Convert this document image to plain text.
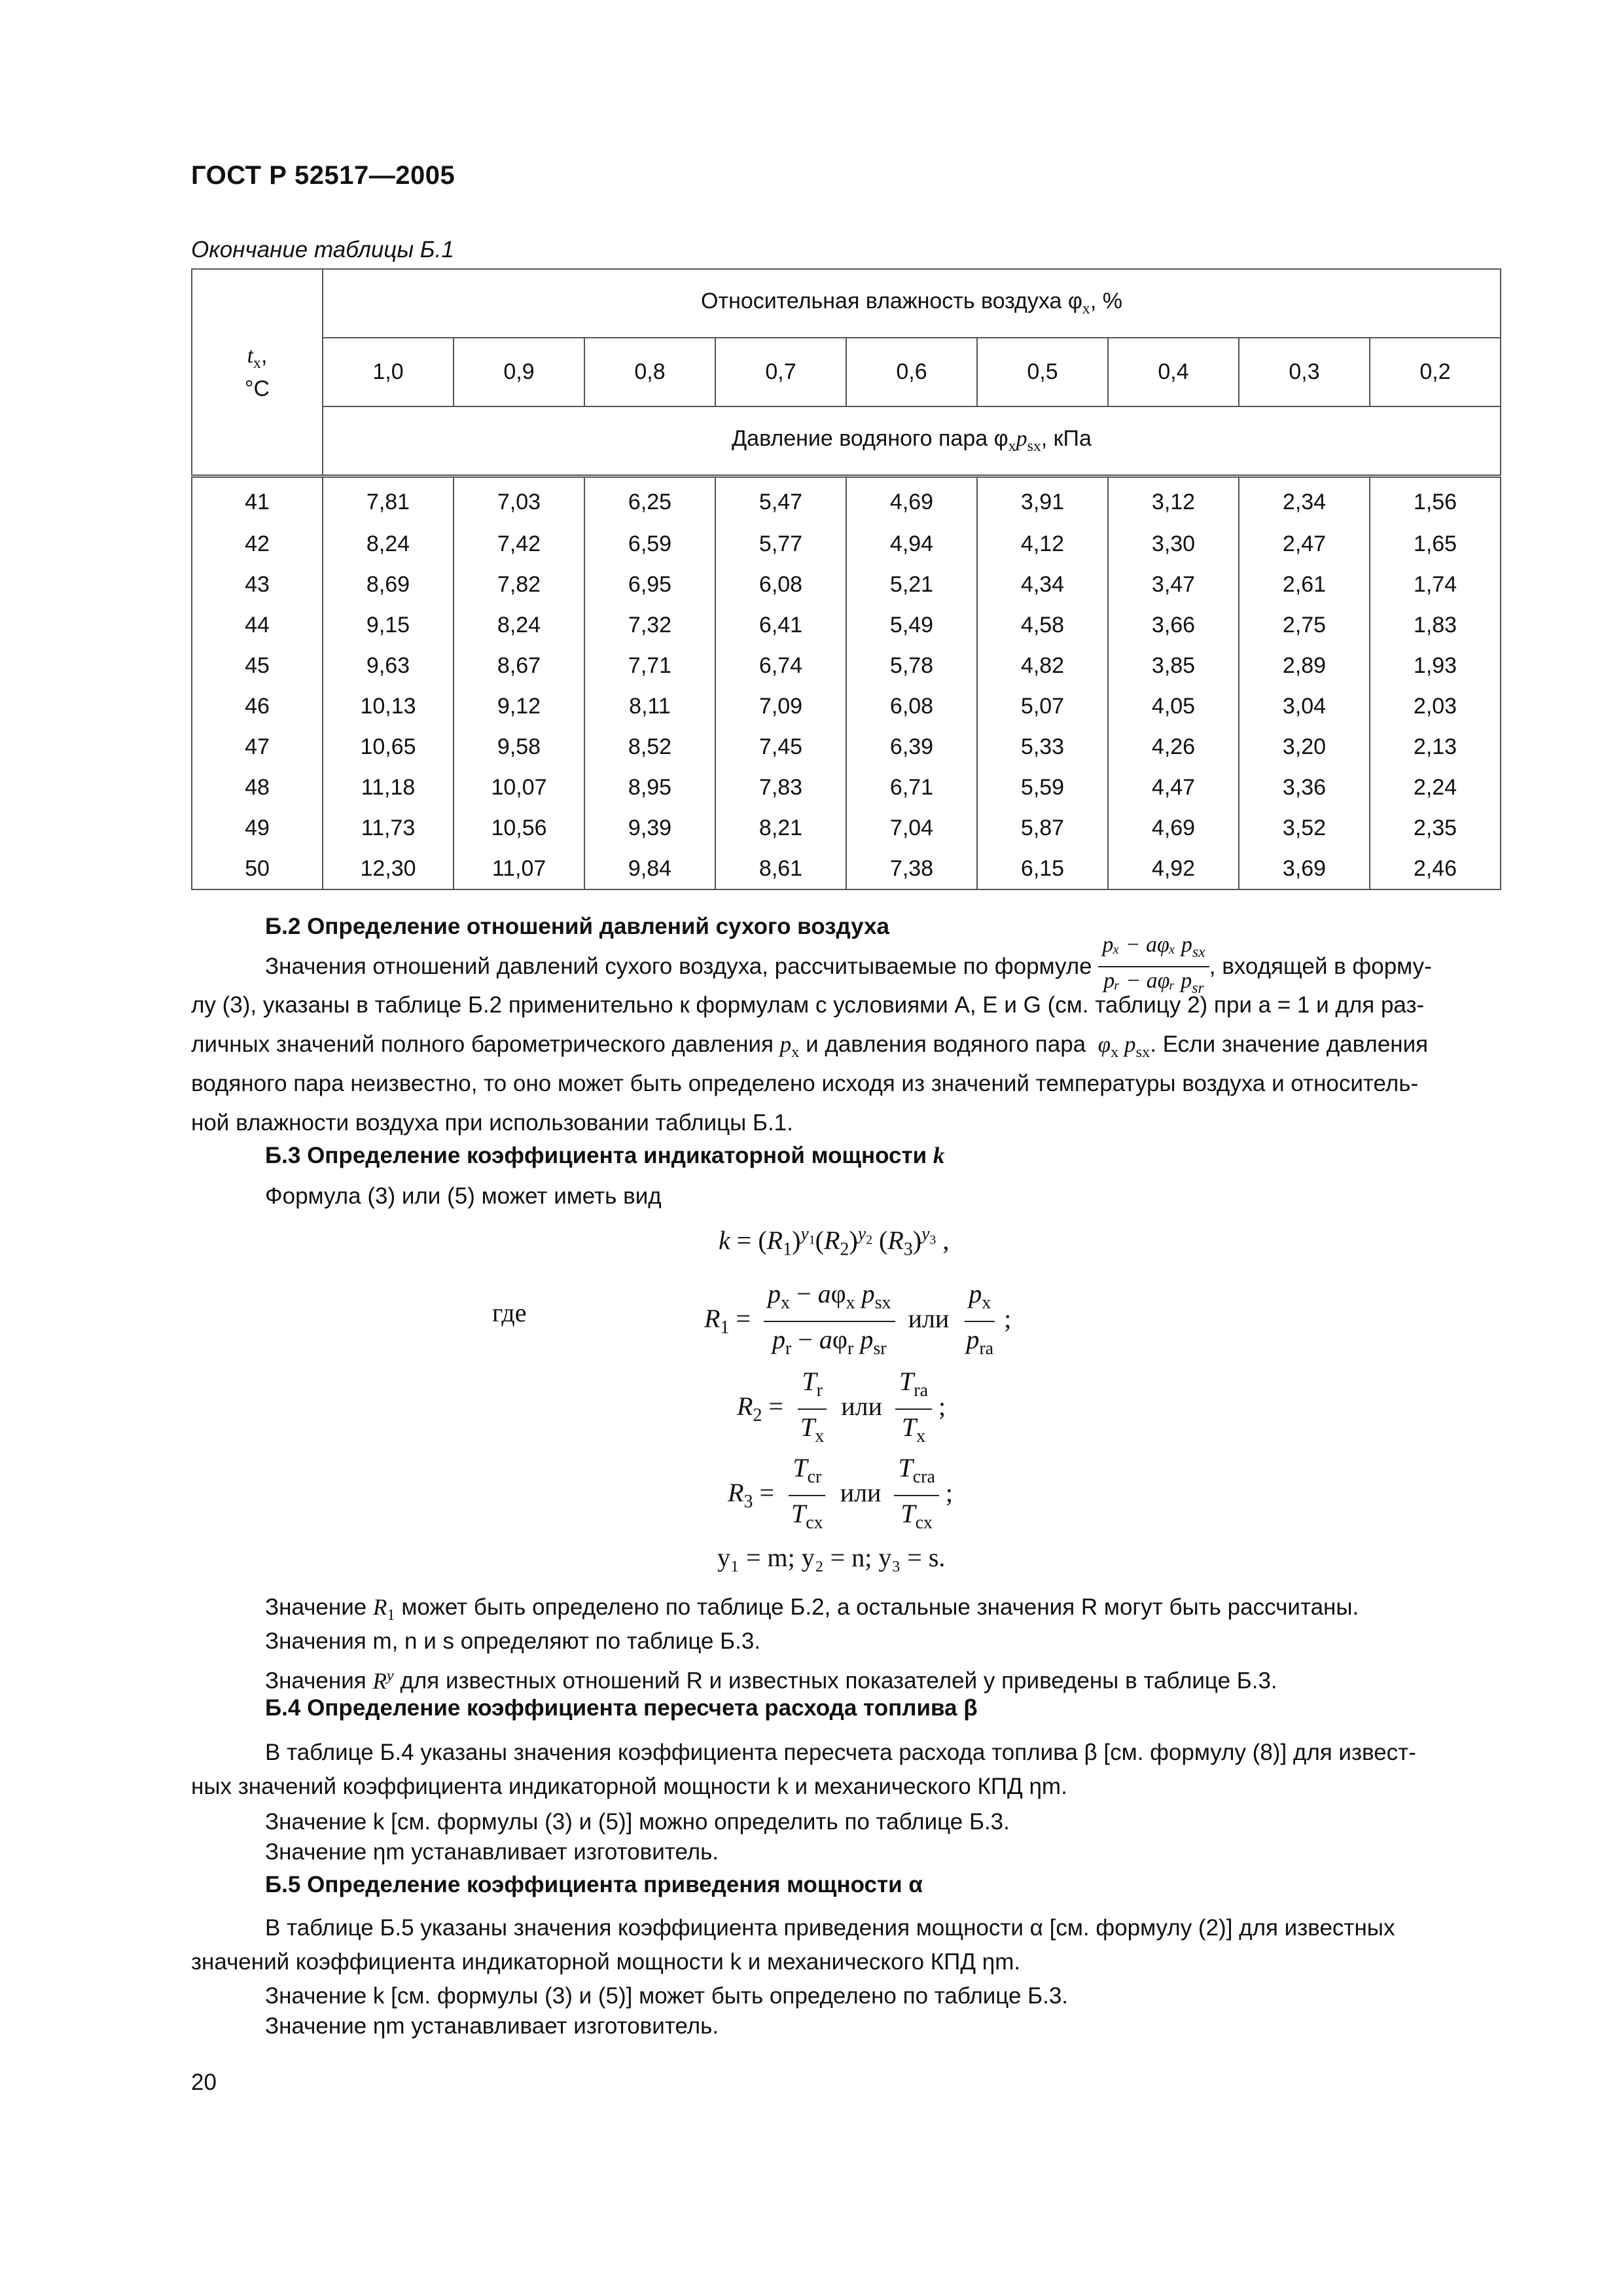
ГОСТ Р 52517—2005
Окончание таблицы Б.1
$t_x$,
°C	Относительная влажность воздуха $\varphi_x$, %								
	1,0	0,9	0,8	0,7	0,6	0,5	0,4	0,3	0,2
	Давление водяного пара $\varphi_xp_{sx}$, кПа								
41	7,81	7,03	6,25	5,47	4,69	3,91	3,12	2,34	1,56
42	8,24	7,42	6,59	5,77	4,94	4,12	3,30	2,47	1,65
43	8,69	7,82	6,95	6,08	5,21	4,34	3,47	2,61	1,74
44	9,15	8,24	7,32	6,41	5,49	4,58	3,66	2,75	1,83
45	9,63	8,67	7,71	6,74	5,78	4,82	3,85	2,89	1,93
46	10,13	9,12	8,11	7,09	6,08	5,07	4,05	3,04	2,03
47	10,65	9,58	8,52	7,45	6,39	5,33	4,26	3,20	2,13
48	11,18	10,07	8,95	7,83	6,71	5,59	4,47	3,36	2,24
49	11,73	10,56	9,39	8,21	7,04	5,87	4,69	3,52	2,35
50	12,30	11,07	9,84	8,61	7,38	6,15	4,92	3,69	2,46
Б.2 Определение отношений давлений сухого воздуха
Значения отношений давлений сухого воздуха, рассчитываемые по формуле $\frac{p_x - a\varphi_x p_{sx}}{pᵣ - a\varphi ᵣ p_{sr}}$ , входящей в форму-
лу (3), указаны в таблице Б.2 применительно к формулам с условиями A, E и G (см. таблицу 2) при a = 1 и для раз-
личных значений полного барометрического давления $p_x$ и давления водяного пара  $\varphi_x$ $p_{sx}$. Если значение давления
водяного пара неизвестно, то оно может быть определено исходя из значений температуры воздуха и относитель-
ной влажности воздуха при использовании таблицы Б.1.
Б.3 Определение коэффициента индикаторной мощности k
Формула (3) или (5) может иметь вид
$k = (R_1)^{y_1}(R_2)^{y_2}$ $(R_3)^{y_3}$ ,
где	$R_1 = \frac{p_x - a\varphi_x p_{sx}}{p_r - a\varphi_r p_{sr}}$ или $\frac{p_x}{p_{ra}}$ ;
$R_2 = \frac{T_r}{T_x}$ или $\frac{T_{ra}}{T_x}$ ;
$R_3 = \frac{T_{cr}}{T_{cx}}$ или $\frac{T_{cra}}{T_{cx}}$ ;
y₁ = m; y₂ = n; y₃ = s.
Значение $R_1$ может быть определено по таблице Б.2, а остальные значения R могут быть рассчитаны.
Значения m, n и s определяют по таблице Б.3.
Значения $R^y$ для известных отношений R и известных показателей y приведены в таблице Б.3.
Б.4 Определение коэффициента пересчета расхода топлива β
В таблице Б.4 указаны значения коэффициента пересчета расхода топлива β [см. формулу (8)] для извест-
ных значений коэффициента индикаторной мощности k и механического КПД ηm.
Значение k [см. формулы (3) и (5)] можно определить по таблице Б.3.
Значение ηm устанавливает изготовитель.
Б.5 Определение коэффициента приведения мощности α
В таблице Б.5 указаны значения коэффициента приведения мощности α [см. формулу (2)] для известных
значений коэффициента индикаторной мощности k и механического КПД ηm.
Значение k [см. формулы (3) и (5)] может быть определено по таблице Б.3.
Значение ηm устанавливает изготовитель.
20
